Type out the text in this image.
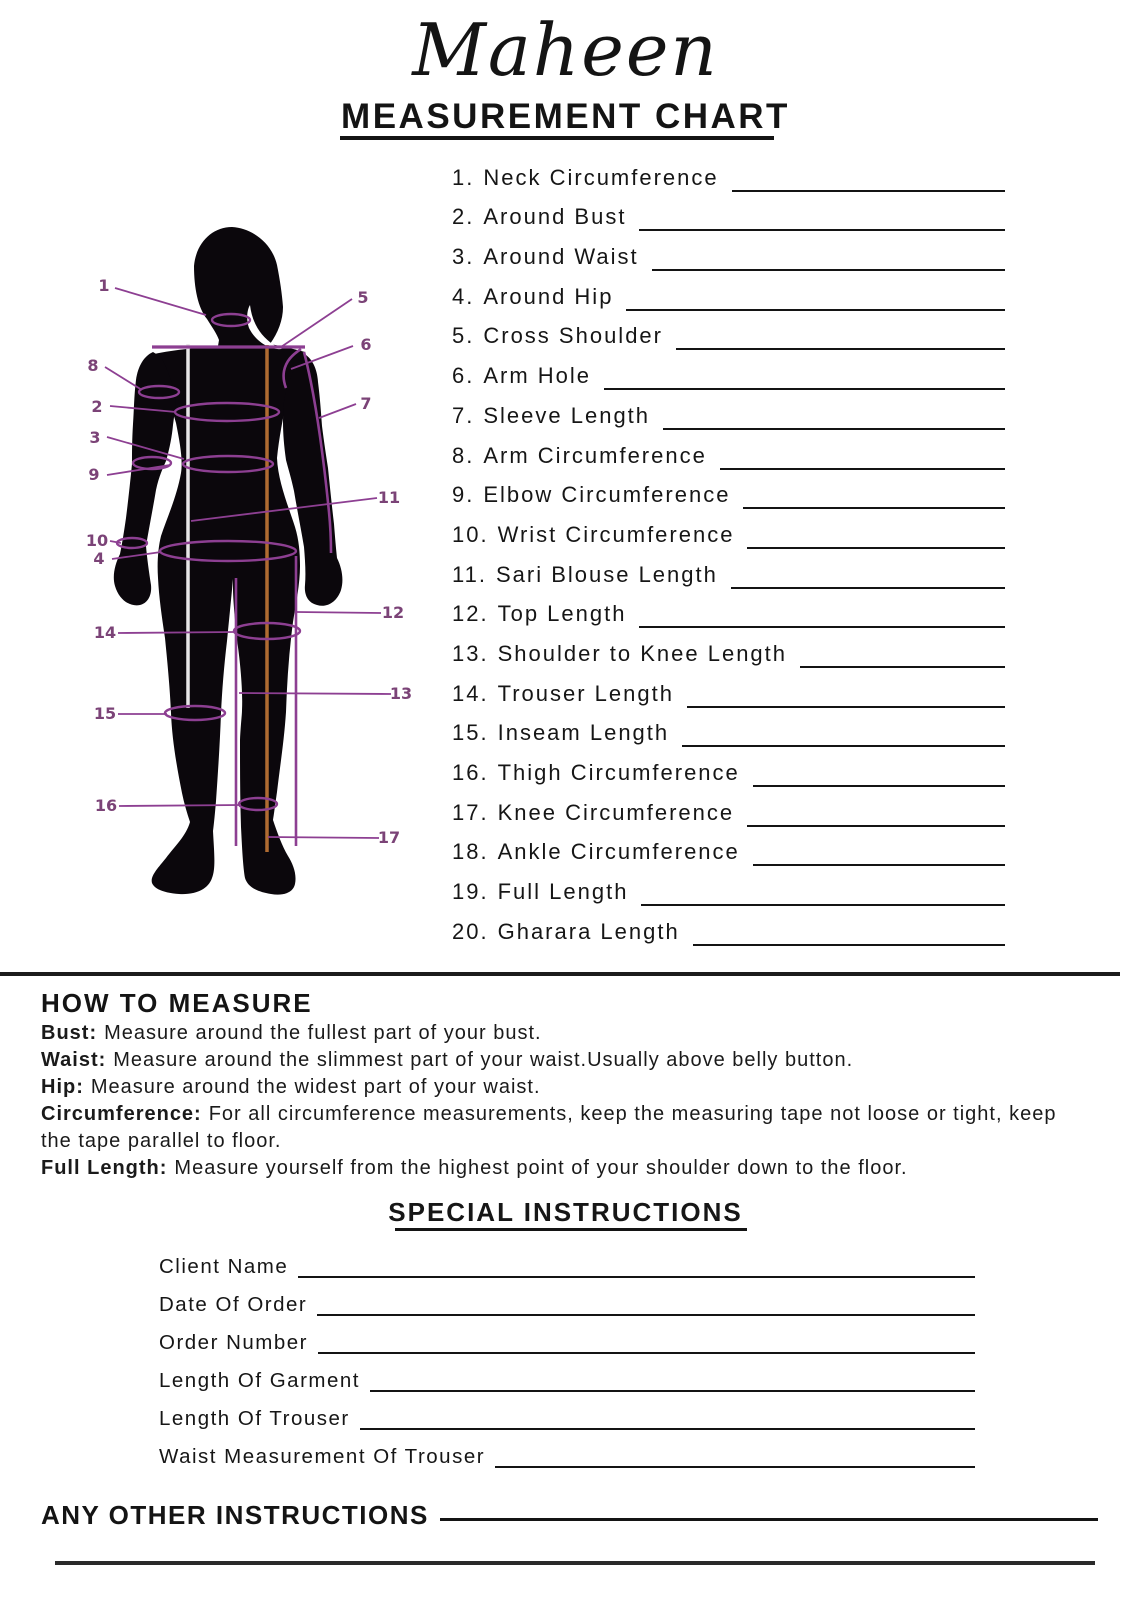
Maheen
MEASUREMENT CHART
1
2
3
4
5
6
7
8
9
10
11
12
13
14
15
16
17
1. Neck Circumference
2. Around Bust
3. Around Waist
4. Around Hip
5. Cross Shoulder
6. Arm Hole
7. Sleeve Length
8. Arm Circumference
9. Elbow Circumference
10. Wrist Circumference
11. Sari Blouse Length
12. Top Length
13. Shoulder to Knee Length
14. Trouser Length
15. Inseam Length
16. Thigh Circumference
17. Knee Circumference
18. Ankle Circumference
19. Full Length
20. Gharara Length
HOW TO MEASURE
Bust: Measure around the fullest part of your bust.
Waist: Measure around the slimmest part of your waist.Usually above belly button.
Hip: Measure around the widest part of your waist.
Circumference: For all circumference measurements, keep the measuring tape not loose or tight, keep the tape parallel to floor.
Full Length: Measure yourself from the highest point of your shoulder down to the floor.
SPECIAL INSTRUCTIONS
Client Name
Date Of Order
Order Number
Length Of Garment
Length Of Trouser
Waist Measurement Of Trouser
ANY OTHER INSTRUCTIONS
